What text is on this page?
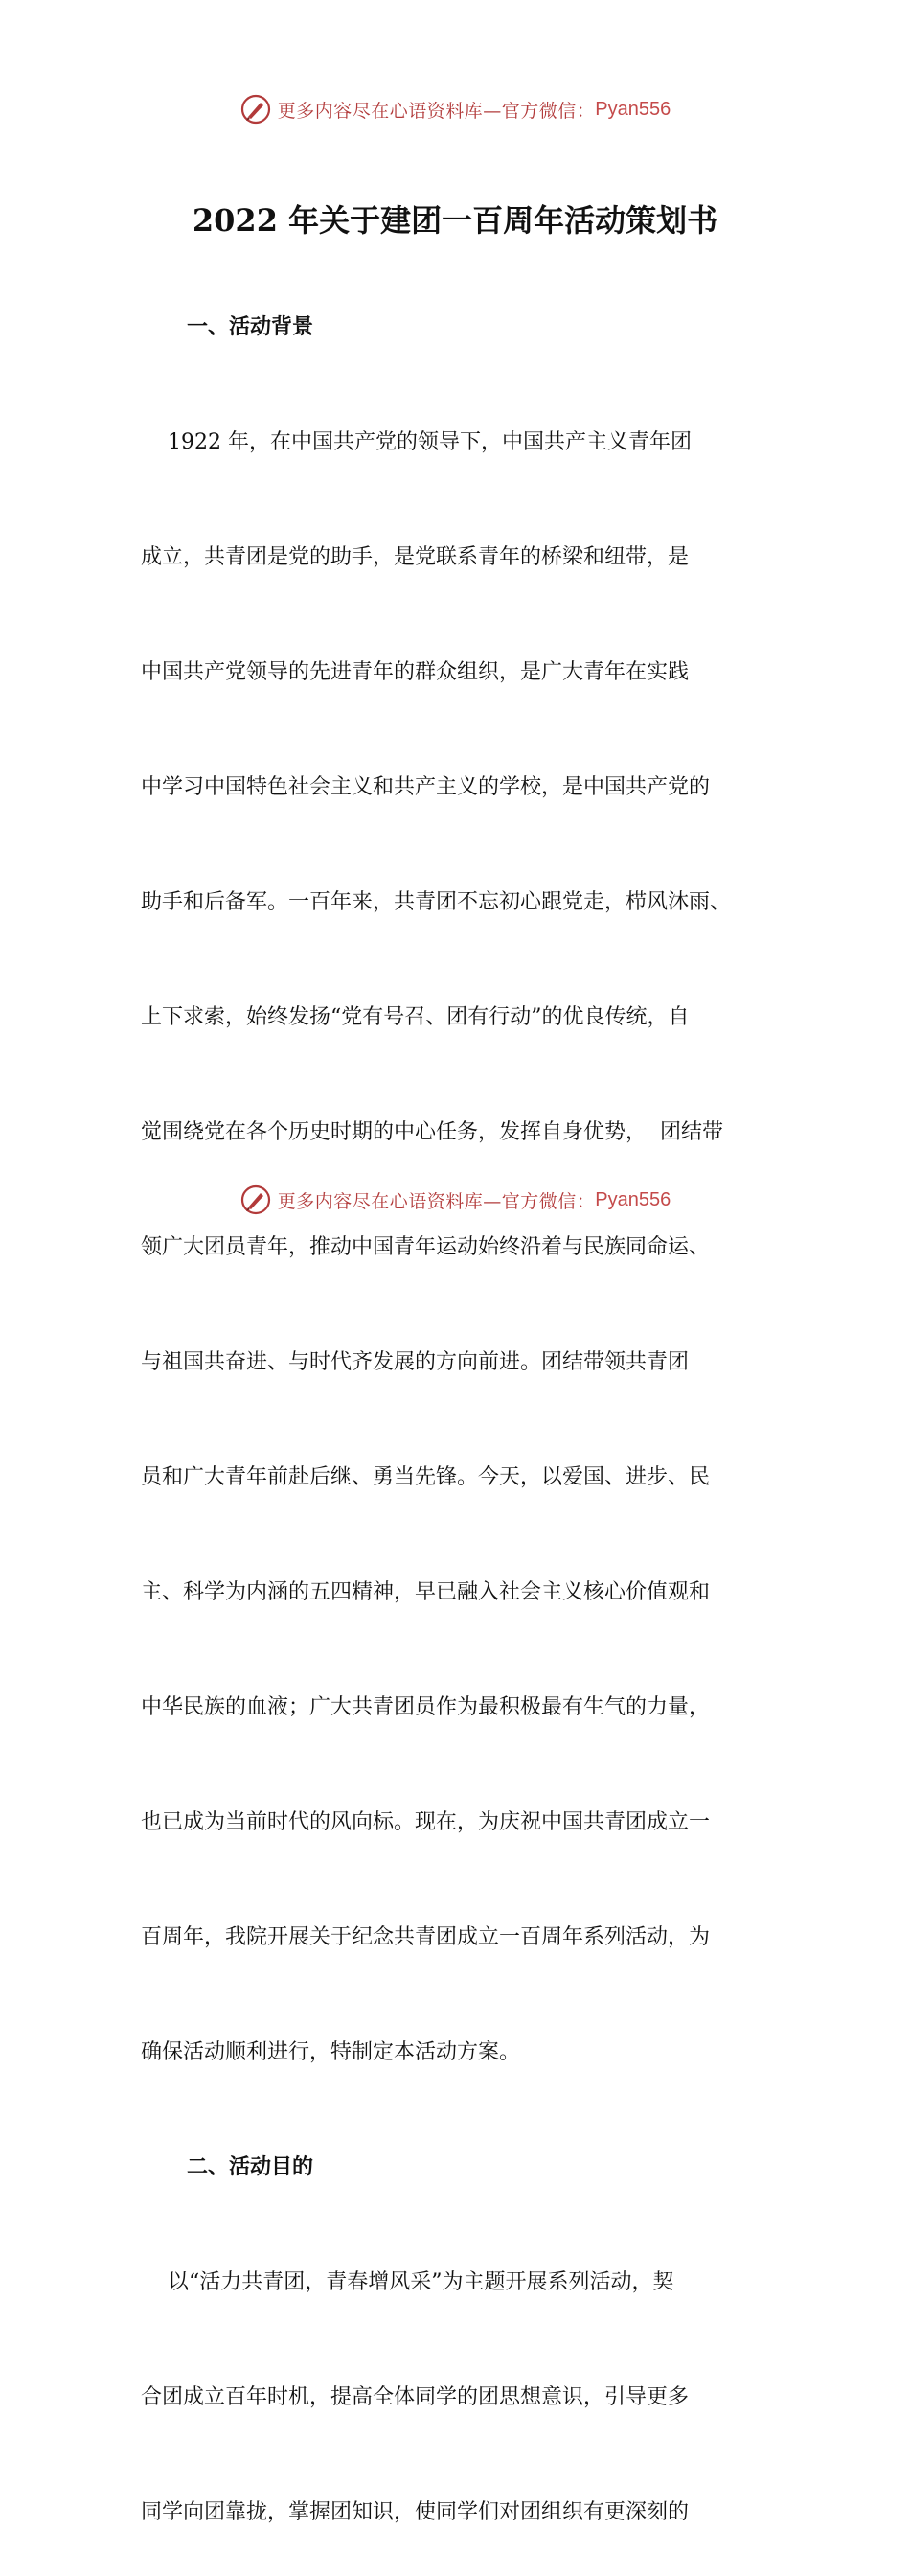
更多内容尽在心语资料库—官方微信： Pyan556
2022 年关于建团一百周年活动策划书
一、活动背景

1922 年，在中国共产党的领导下，中国共产主义青年团

成立，共青团是党的助手，是党联系青年的桥梁和纽带，是

中国共产党领导的先进青年的群众组织，是广大青年在实践

中学习中国特色社会主义和共产主义的学校，是中国共产党的

助手和后备军。一百年来，共青团不忘初心跟党走，栉风沐雨、

上下求索，始终发扬“党有号召、团有行动”的优良传统，自

觉围绕党在各个历史时期的中心任务，发挥自身优势，  团结带

领广大团员青年，推动中国青年运动始终沿着与民族同命运、

与祖国共奋进、与时代齐发展的方向前进。团结带领共青团

员和广大青年前赴后继、勇当先锋。今天，以爱国、进步、民

主、科学为内涵的五四精神，早已融入社会主义核心价值观和

中华民族的血液；广大共青团员作为最积极最有生气的力量，

也已成为当前时代的风向标。现在，为庆祝中国共青团成立一

百周年，我院开展关于纪念共青团成立一百周年系列活动，为

确保活动顺利进行，特制定本活动方案。

二、活动目的

以“活力共青团，青春增风采”为主题开展系列活动，契

合团成立百年时机，提高全体同学的团思想意识，引导更多

同学向团靠拢，掌握团知识，使同学们对团组织有更深刻的

更多内容尽在心语资料库—官方微信： Pyan556
